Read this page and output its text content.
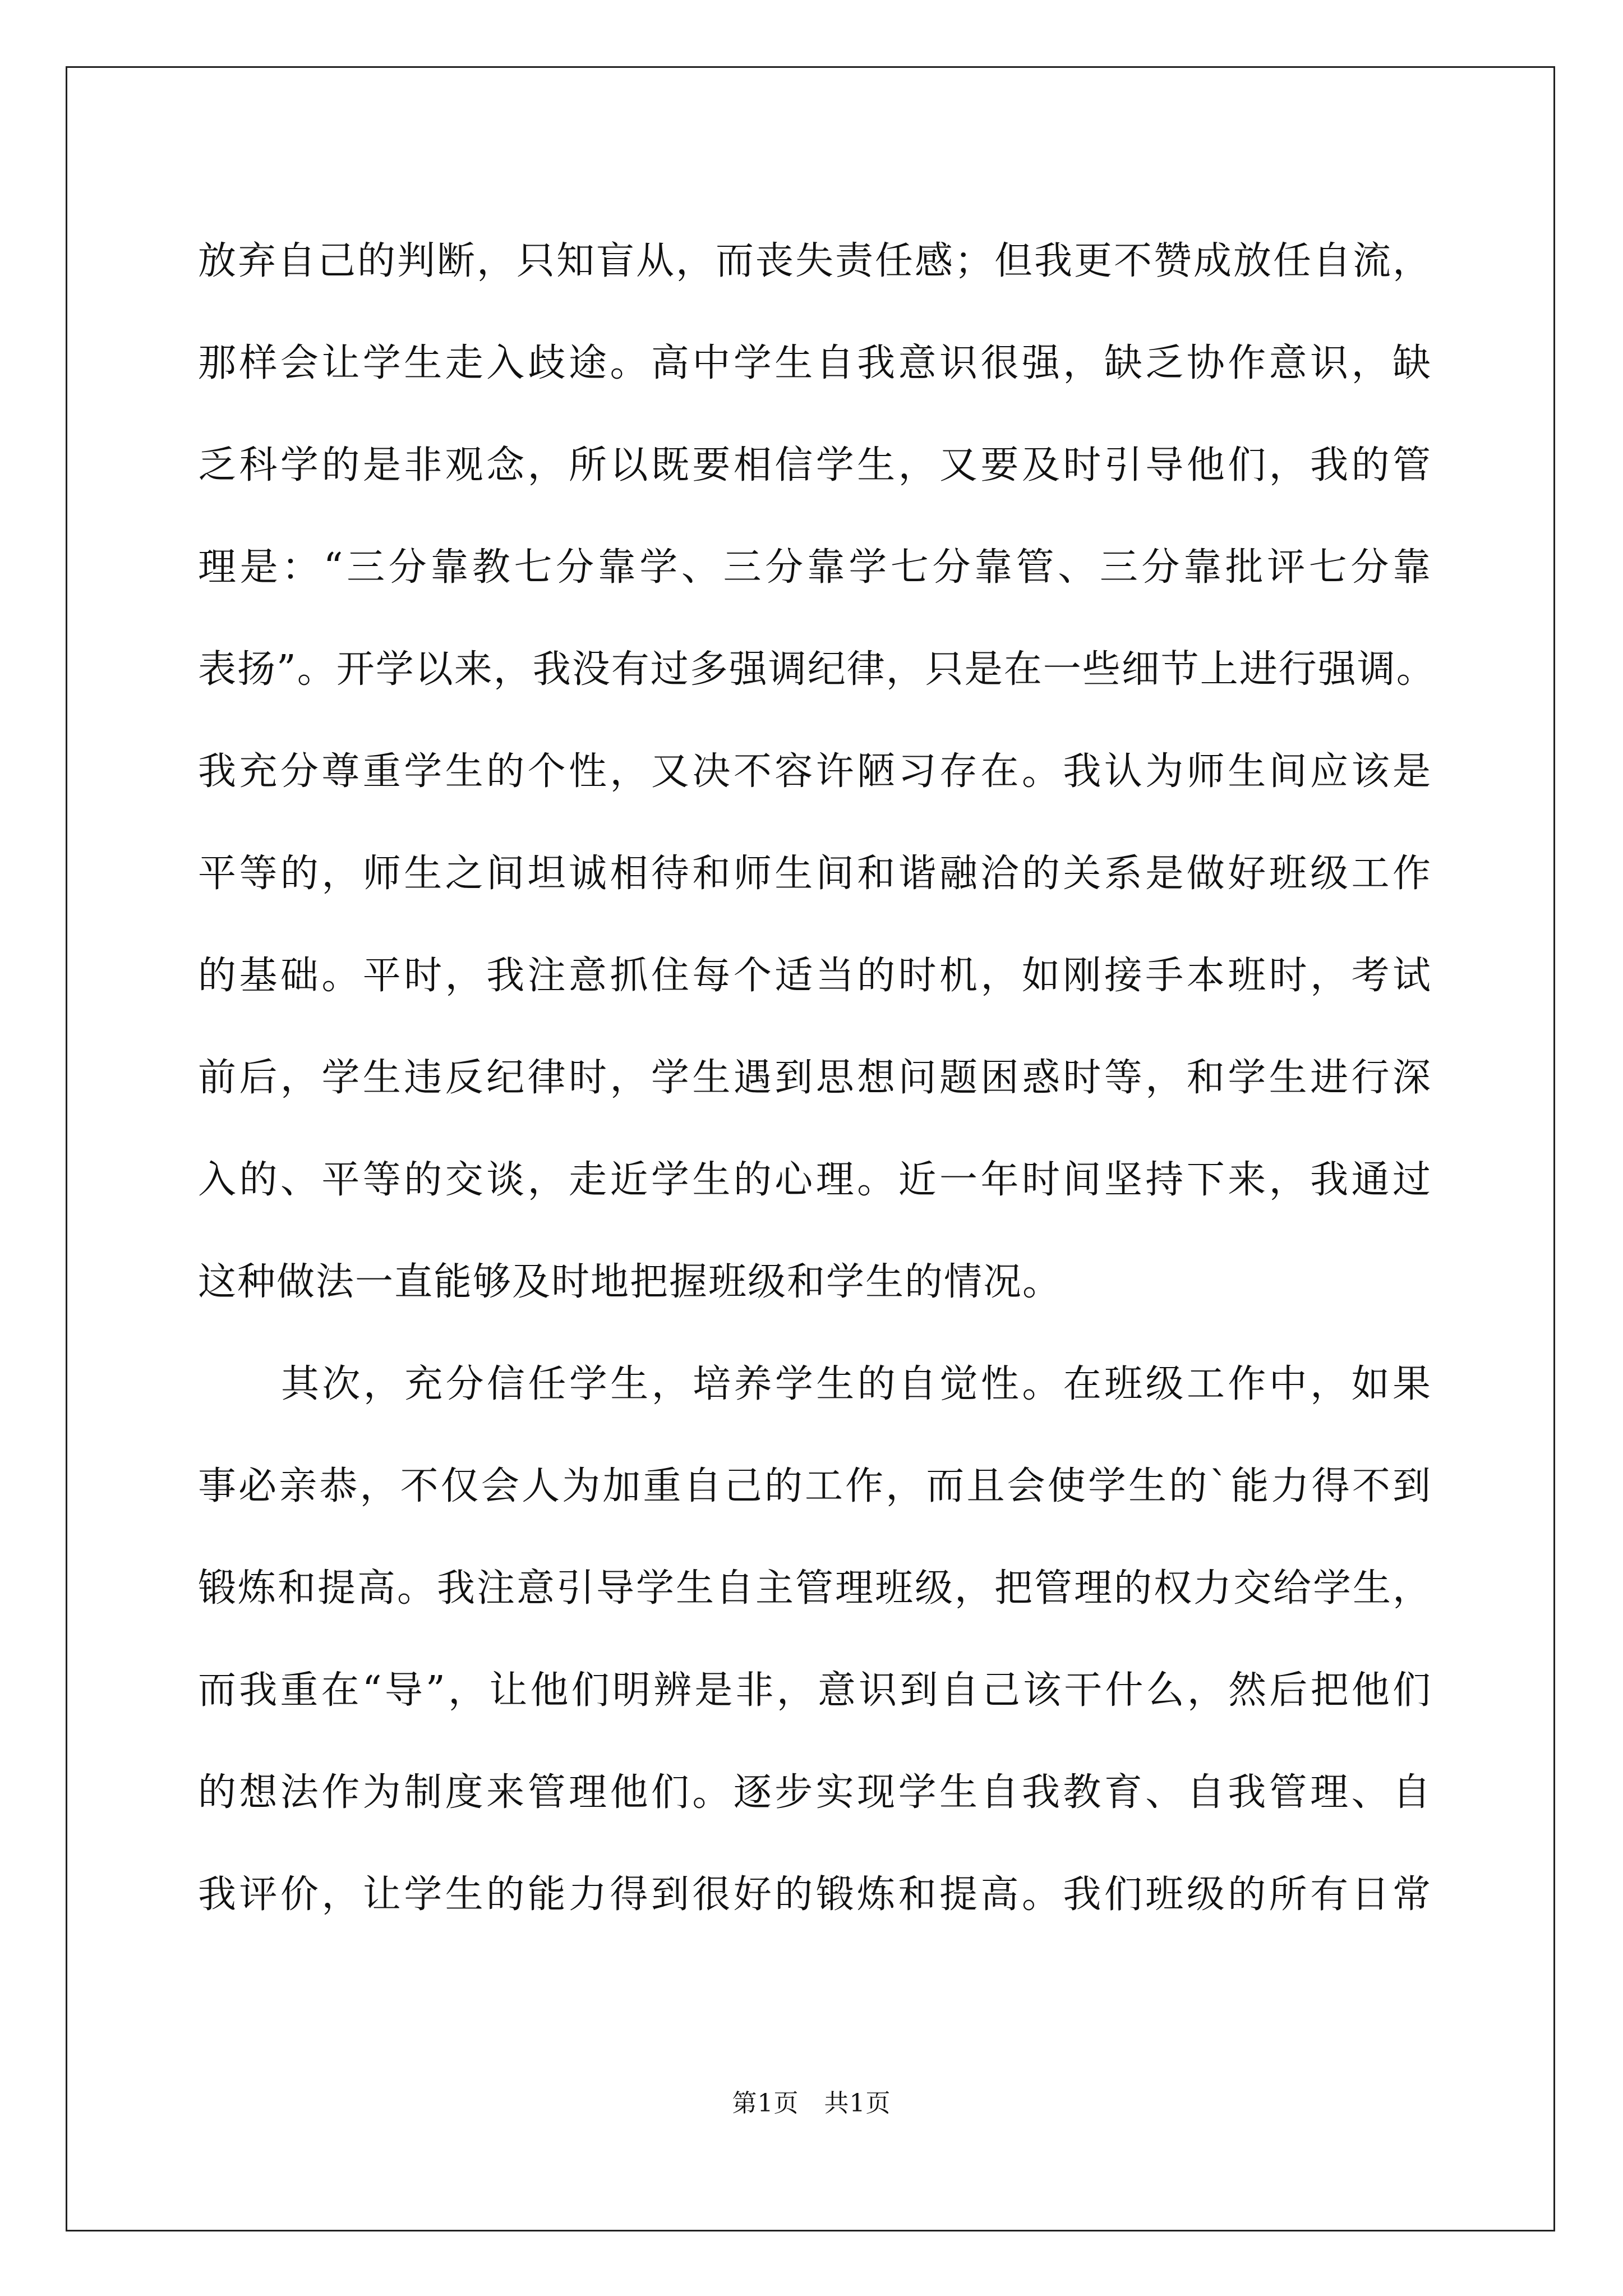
放弃自己的判断，只知盲从，而丧失责任感；但我更不赞成放任自流，
那样会让学生走入歧途。高中学生自我意识很强，缺乏协作意识，缺
乏科学的是非观念，所以既要相信学生，又要及时引导他们，我的管
理是：“三分靠教七分靠学、三分靠学七分靠管、三分靠批评七分靠
表扬”。开学以来，我没有过多强调纪律，只是在一些细节上进行强调。
我充分尊重学生的个性，又决不容许陋习存在。我认为师生间应该是
平等的，师生之间坦诚相待和师生间和谐融洽的关系是做好班级工作
的基础。平时，我注意抓住每个适当的时机，如刚接手本班时，考试
前后，学生违反纪律时，学生遇到思想问题困惑时等，和学生进行深
入的、平等的交谈，走近学生的心理。近一年时间坚持下来，我通过
这种做法一直能够及时地把握班级和学生的情况。
其次，充分信任学生，培养学生的自觉性。在班级工作中，如果
事必亲恭，不仅会人为加重自己的工作，而且会使学生的`能力得不到
锻炼和提高。我注意引导学生自主管理班级，把管理的权力交给学生，
而我重在“导”，让他们明辨是非，意识到自己该干什么，然后把他们
的想法作为制度来管理他们。逐步实现学生自我教育、自我管理、自
我评价，让学生的能力得到很好的锻炼和提高。我们班级的所有日常
第1页　共1页
